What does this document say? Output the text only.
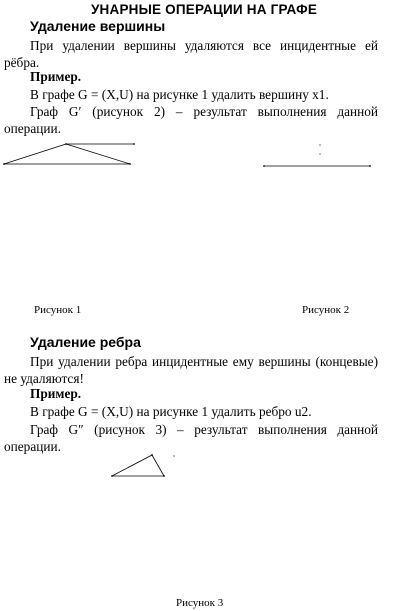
УНАРНЫЕ ОПЕРАЦИИ НА ГРАФЕ
Удаление вершины
При удалении вершины удаляются все инцидентные ей рёбра.
Пример.
В графе G = (X,U) на рисунке 1 удалить вершину x1.
Граф G′ (рисунок 2) – результат выполнения данной операции.
Рисунок 1	Рисунок 2
Удаление ребра
При удалении ребра инцидентные ему вершины (концевые) не удаляются!
Пример.
В графе G = (X,U) на рисунке 1 удалить ребро u2.
Граф G″ (рисунок 3) – результат выполнения данной операции.
Рисунок 3
